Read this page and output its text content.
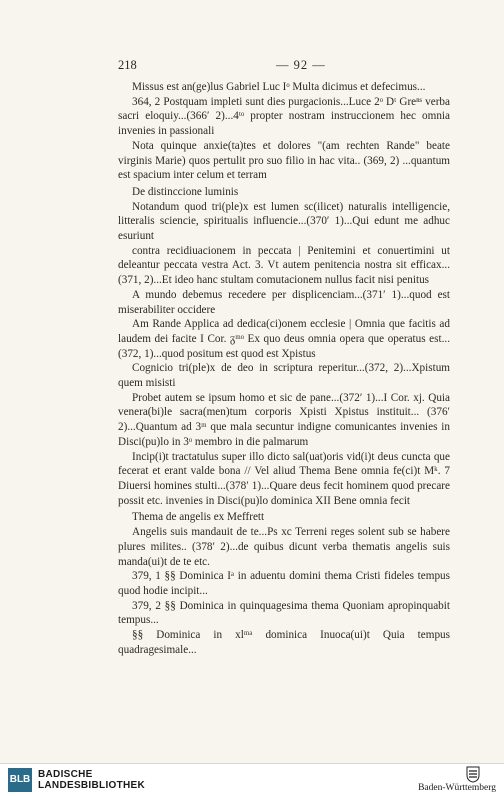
218	— 92 —

Missus est an(ge)lus Gabriel Luc Iᵒ Multa dicimus et defecimus...

364, 2 Postquam impleti sunt dies purgacionis...Luce 2ᵒ Dᵗ Greⁿˢ verba sacri eloquiy...(366′ 2)...4ᵗᵒ propter nostram instruccionem hec omnia invenies in passionali

Nota quinque anxie(ta)tes et dolores "(am rechten Rande" beate virginis Marie) quos pertulit pro suo filio in hac vita.. (369, 2) ...quantum est spacium inter celum et terram

De distinccione luminis

Notandum quod tri(ple)x est lumen sc(ilicet) naturalis intelligencie, litteralis sciencie, spiritualis influencie...(370′ 1)...Qui edunt me adhuc esuriunt

contra recidiuacionem in peccata | Penitemini et conuertimini ut deleantur peccata vestra Act. 3. Vt autem penitencia nostra sit efficax... (371, 2)...Et ideo hanc stultam comutacionem nullus facit nisi penitus

A mundo debemus recedere per displicenciam...(371′ 1)...quod est miserabiliter occidere

Am Rande Applica ad dedica(ci)onem ecclesie | Omnia que facitis ad laudem dei facite I Cor. ᵹᵐᵒ Ex quo deus omnia opera que operatus est...(372, 1)...quod positum est quod est Xpistus

Cognicio tri(ple)x de deo in scriptura reperitur...(372, 2)...Xpistum quem misisti

Probet autem se ipsum homo et sic de pane...(372′ 1)...I Cor. xj. Quia venera(bi)le sacra(men)tum corporis Xpisti Xpistus instituit... (376′ 2)...Quantum ad 3ᵐ que mala secuntur indigne comunicantes invenies in Disci(pu)lo in 3ᵒ membro in die palmarum

Incip(i)t tractatulus super illo dicto sal(uat)oris vid(i)t deus cuncta que fecerat et erant valde bona // Vel aliud Thema Bene omnia fe(ci)t Mᵏ. 7 Diuersi homines stulti...(378′ 1)...Quare deus fecit hominem quod precare possit etc. invenies in Disci(pu)lo dominica XII Bene omnia fecit

Thema de angelis ex Meffrett

Angelis suis mandauit de te...Ps xc Terreni reges solent sub se habere plures milites.. (378′ 2)...de quibus dicunt verba thematis angelis suis manda(ui)t de te etc.

379, 1 §§ Dominica Iᵃ in aduentu domini thema Cristi fideles tempus quod hodie incipit...

379, 2 §§ Dominica in quinquagesima thema Quoniam apropinquabit tempus...

§§ Dominica in xlᵐᵃ dominica Inuoca(ui)t Quia tempus quadragesimale...

BLB BADISCHE
LANDESBIBLIOTHEK	Baden-Württemberg
